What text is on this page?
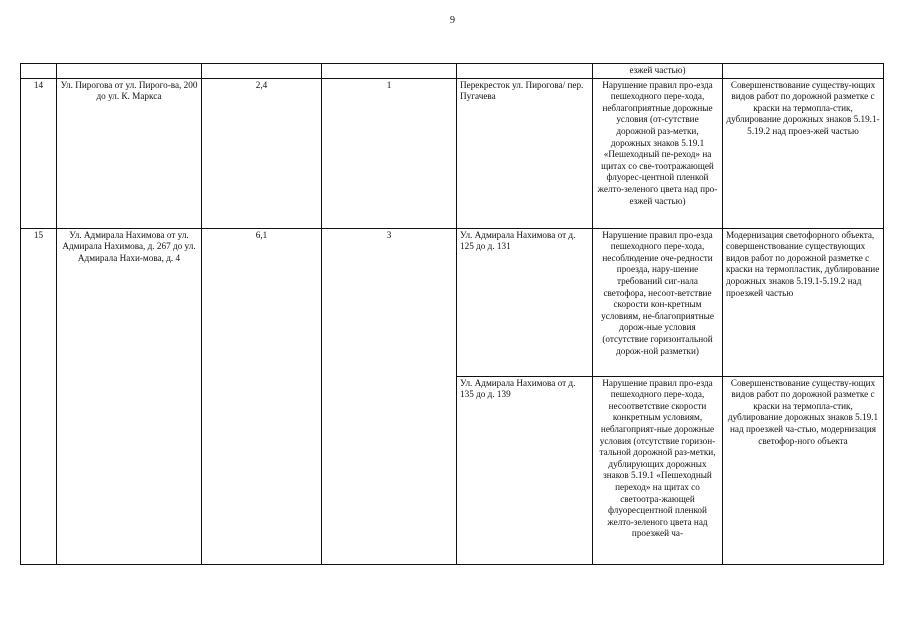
9
					езжей частью)	
14	Ул. Пирогова от ул. Пирого-ва, 200 до ул. К. Маркса	2,4	1	Перекресток ул. Пирогова/ пер. Пугачева	Нарушение правил про-езда пешеходного пере-хода, неблагоприятные дорожные условия (от-сутствие дорожной раз-метки, дорожных знаков 5.19.1 «Пешеходный пе-реход» на щитах со све-тоотражающей флуорес-центной пленкой желто-зеленого цвета над про-езжей частью)	Совершенствование существу-ющих видов работ по дорожной разметке с краски на термопла-стик, дублирование дорожных знаков 5.19.1-5.19.2 над проез-жей частью
15	Ул. Адмирала Нахимова от ул. Адмирала Нахимова, д. 267 до ул. Адмирала Нахи-мова, д. 4	6,1	3	Ул. Адмирала Нахимова от д. 125 до д. 131	Нарушение правил про-езда пешеходного пере-хода, несоблюдение оче-редности проезда, нару-шение требований сиг-нала светофора, несоот-ветствие скорости кон-кретным условиям, не-благоприятные дорож-ные условия (отсутствие горизонтальной дорож-ной разметки)	Модернизация светофорного объекта, совершенствование существующих видов работ по дорожной разметке с краски на термопластик, дублирование дорожных знаков 5.19.1-5.19.2 над проезжей частью
				Ул. Адмирала Нахимова от д. 135 до д. 139	Нарушение правил про-езда пешеходного пере-хода, несоответствие скорости конкретным условиям, неблагоприят-ные дорожные условия (отсутствие горизон-тальной дорожной раз-метки, дублирующих дорожных знаков 5.19.1 «Пешеходный переход» на щитах со светоотра-жающей флуоресцентной пленкой желто-зеленого цвета над проезжей ча-	Совершенствование существу-ющих видов работ по дорожной разметке с краски на термопла-стик, дублирование дорожных знаков 5.19.1 над проезжей ча-стью, модернизация светофор-ного объекта
